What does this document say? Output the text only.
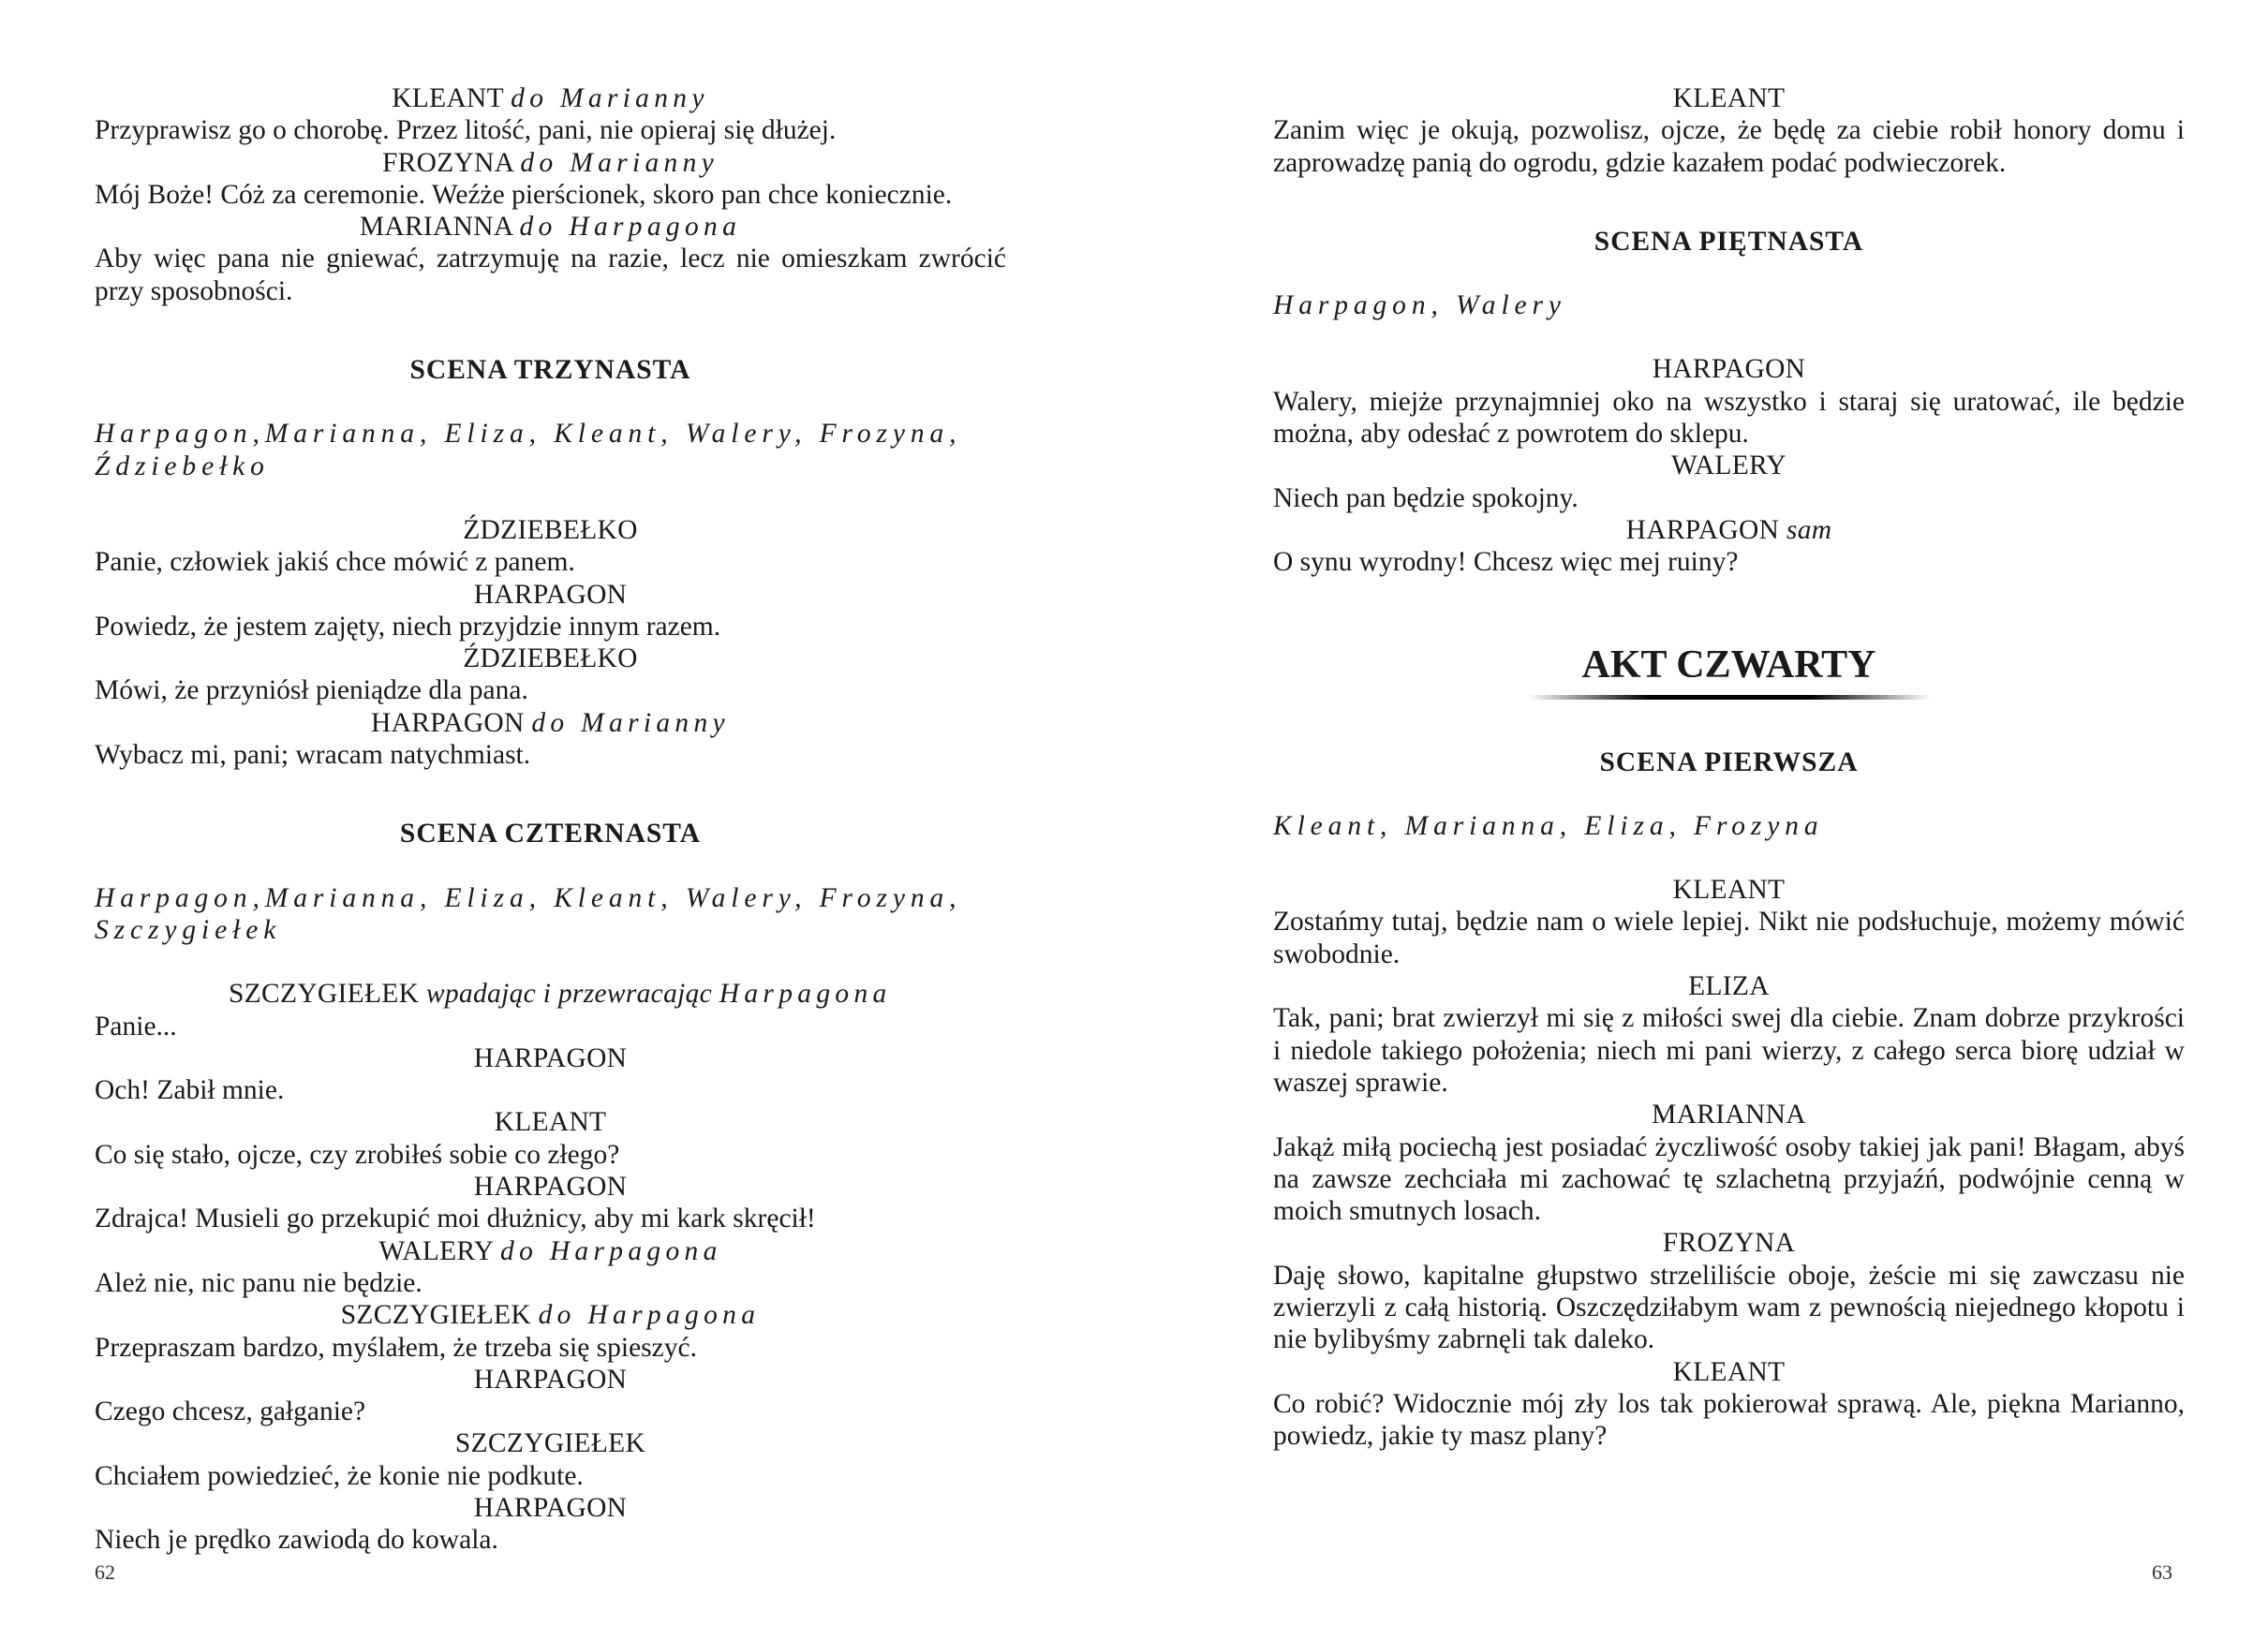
KLEANT do Marianny

Przyprawisz go o chorobę. Przez litość, pani, nie opieraj się dłużej.

FROZYNA do Marianny

Mój Boże! Cóż za ceremonie. Weźże pierścionek, skoro pan chce koniecznie.

MARIANNA do Harpagona

Aby więc pana nie gniewać, zatrzymuję na razie, lecz nie omieszkam zwrócić przy sposobności.

SCENA TRZYNASTA

Harpagon,Marianna, Eliza, Kleant, Walery, Frozyna, Ździebełko

ŹDZIEBEŁKO

Panie, człowiek jakiś chce mówić z panem.

HARPAGON

Powiedz, że jestem zajęty, niech przyjdzie innym razem.

ŹDZIEBEŁKO

Mówi, że przyniósł pieniądze dla pana.

HARPAGON do Marianny

Wybacz mi, pani; wracam natychmiast.

SCENA CZTERNASTA

Harpagon,Marianna, Eliza, Kleant, Walery, Frozyna, Szczygiełek

SZCZYGIEŁEK wpadając i przewracając Harpagona

Panie...

HARPAGON

Och! Zabił mnie.

KLEANT

Co się stało, ojcze, czy zrobiłeś sobie co złego?

HARPAGON

Zdrajca! Musieli go przekupić moi dłużnicy, aby mi kark skręcił!

WALERY do Harpagona

Ależ nie, nic panu nie będzie.

SZCZYGIEŁEK do Harpagona

Przepraszam bardzo, myślałem, że trzeba się spieszyć.

HARPAGON

Czego chcesz, gałganie?

SZCZYGIEŁEK

Chciałem powiedzieć, że konie nie podkute.

HARPAGON

Niech je prędko zawiodą do kowala.

62

KLEANT

Zanim więc je okują, pozwolisz, ojcze, że będę za ciebie robił honory domu i zaprowadzę panią do ogrodu, gdzie kazałem podać podwieczorek.

SCENA PIĘTNASTA

Harpagon, Walery

HARPAGON

Walery, miejże przynajmniej oko na wszystko i staraj się uratować, ile będzie można, aby odesłać z powrotem do sklepu.

WALERY

Niech pan będzie spokojny.

HARPAGON sam

O synu wyrodny! Chcesz więc mej ruiny?

AKT CZWARTY

SCENA PIERWSZA

Kleant, Marianna, Eliza, Frozyna

KLEANT

Zostańmy tutaj, będzie nam o wiele lepiej. Nikt nie podsłuchuje, możemy mówić swobodnie.

ELIZA

Tak, pani; brat zwierzył mi się z miłości swej dla ciebie. Znam dobrze przykrości i niedole takiego położenia; niech mi pani wierzy, z całego serca biorę udział w waszej sprawie.

MARIANNA

Jakąż miłą pociechą jest posiadać życzliwość osoby takiej jak pani! Błagam, abyś na zawsze zechciała mi zachować tę szlachetną przyjaźń, podwójnie cenną w moich smutnych losach.

FROZYNA

Daję słowo, kapitalne głupstwo strzeliliście oboje, żeście mi się zawczasu nie zwierzyli z całą historią. Oszczędziłabym wam z pewnością niejednego kłopotu i nie bylibyśmy zabrnęli tak daleko.

KLEANT

Co robić? Widocznie mój zły los tak pokierował sprawą. Ale, piękna Marianno, powiedz, jakie ty masz plany?

63
